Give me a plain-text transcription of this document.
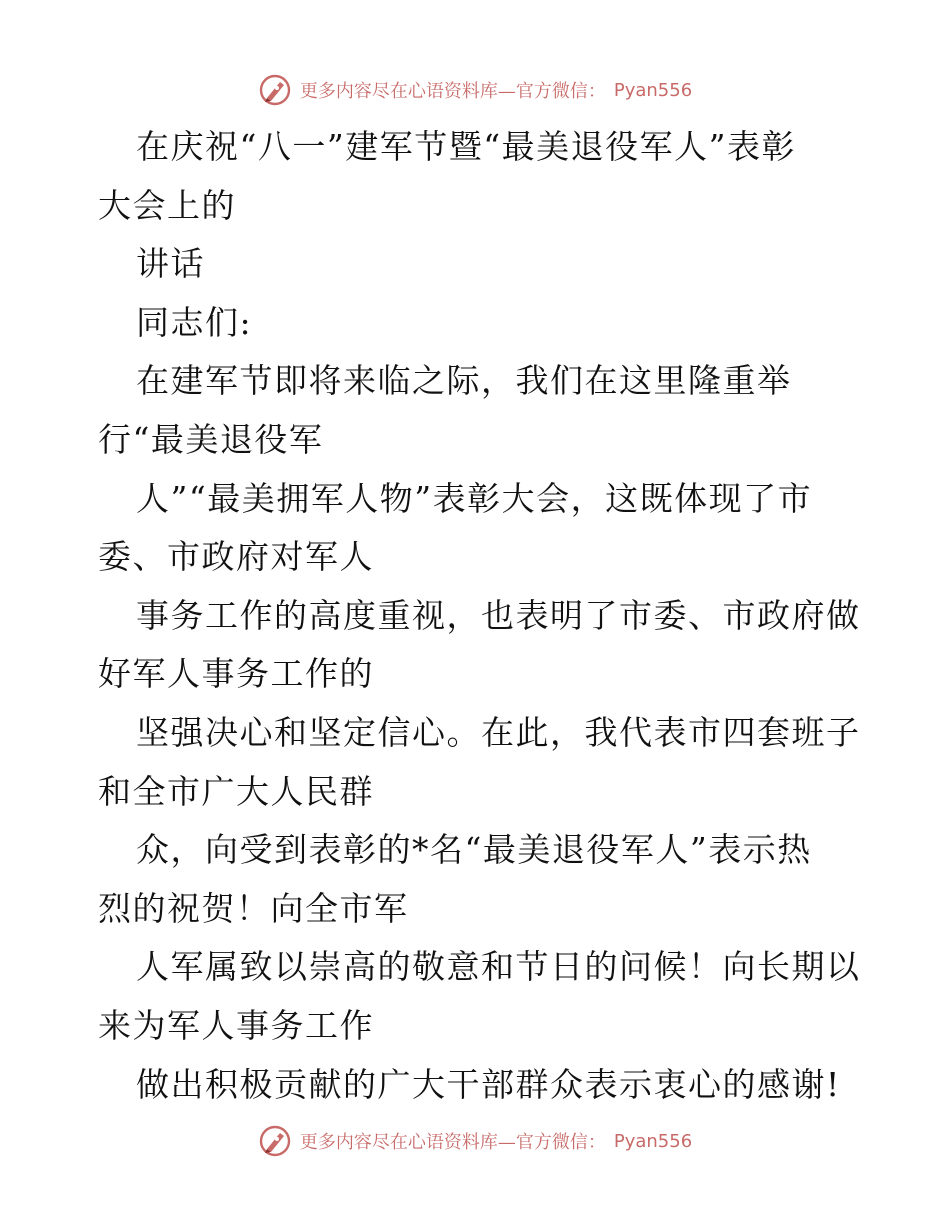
更多内容尽在心语资料库—官方微信： Pyan556
在庆祝“八一”建军节暨“最美退役军人”表彰
大会上的
讲话
同志们:
在建军节即将来临之际，我们在这里隆重举
行“最美退役军
人”“最美拥军人物”表彰大会，这既体现了市
委、市政府对军人
事务工作的高度重视，也表明了市委、市政府做
好军人事务工作的
坚强决心和坚定信心。在此，我代表市四套班子
和全市广大人民群
众，向受到表彰的*名“最美退役军人”表示热
烈的祝贺！向全市军
人军属致以崇高的敬意和节日的问候！向长期以
来为军人事务工作
做出积极贡献的广大干部群众表示衷心的感谢!
更多内容尽在心语资料库—官方微信： Pyan556
